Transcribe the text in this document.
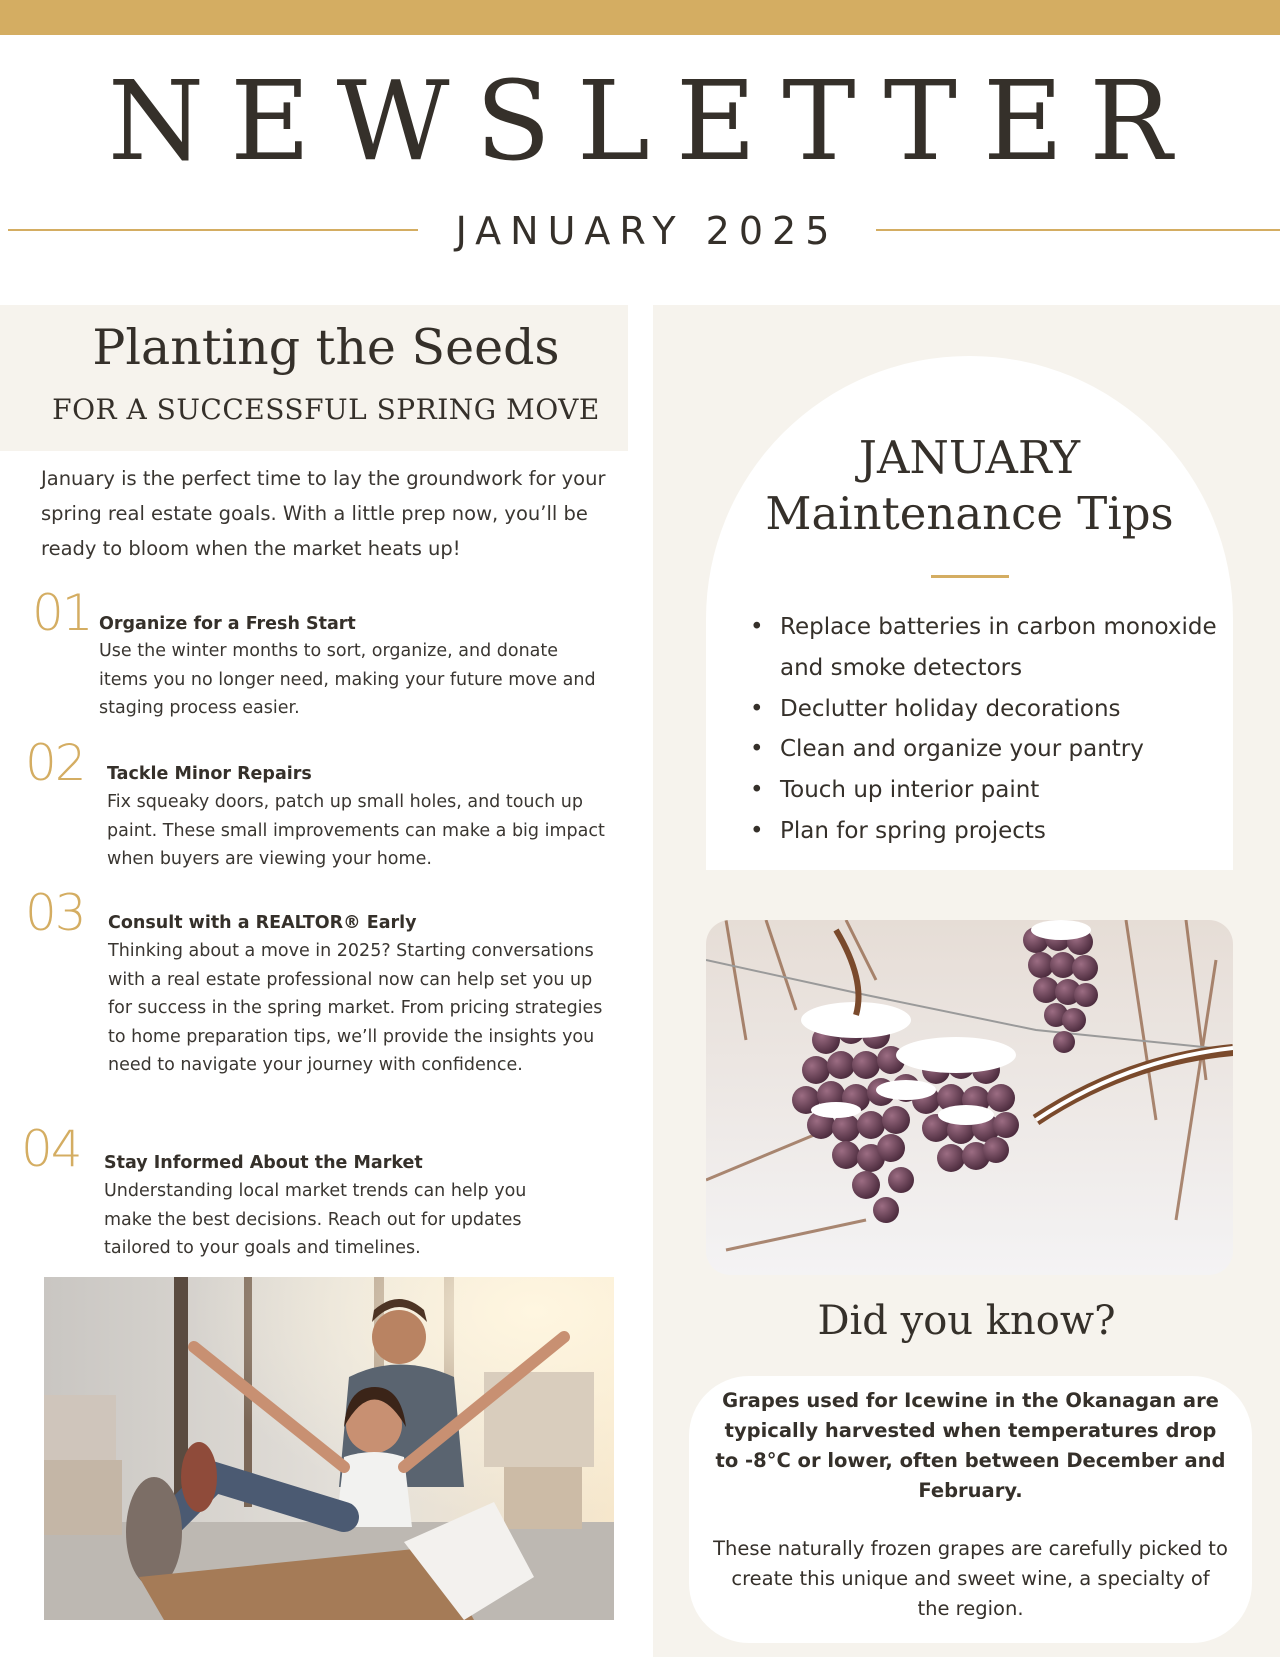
NEWSLETTER
JANUARY 2025
Planting the Seeds
FOR A SUCCESSFUL SPRING MOVE
January is the perfect time to lay the groundwork for your spring real estate goals. With a little prep now, you’ll be ready to bloom when the market heats up!
01 Organize for a Fresh Start
Use the winter months to sort, organize, and donate items you no longer need, making your future move and staging process easier.
02 Tackle Minor Repairs
Fix squeaky doors, patch up small holes, and touch up paint. These small improvements can make a big impact when buyers are viewing your home.
03 Consult with a REALTOR® Early
Thinking about a move in 2025? Starting conversations with a real estate professional now can help set you up for success in the spring market. From pricing strategies to home preparation tips, we’ll provide the insights you need to navigate your journey with confidence.
04 Stay Informed About the Market
Understanding local market trends can help you make the best decisions. Reach out for updates tailored to your goals and timelines.
JANUARY
Maintenance Tips
• Replace batteries in carbon monoxide and smoke detectors
• Declutter holiday decorations
• Clean and organize your pantry
• Touch up interior paint
• Plan for spring projects
Did you know?
Grapes used for Icewine in the Okanagan are typically harvested when temperatures drop to -8°C or lower, often between December and February.
These naturally frozen grapes are carefully picked to create this unique and sweet wine, a specialty of the region.
